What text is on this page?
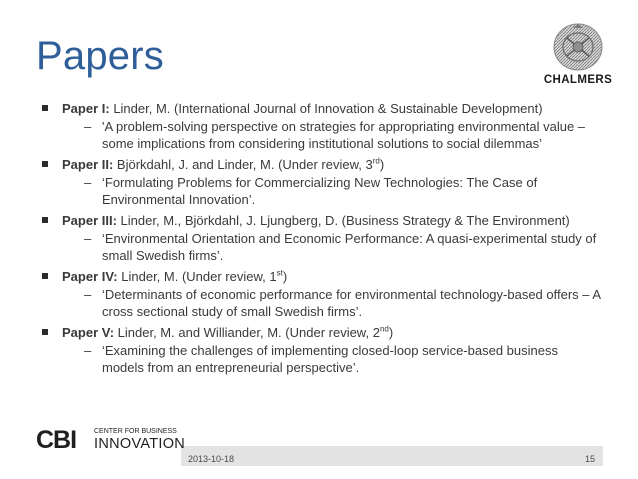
Papers
CHALMERS
Paper I: Linder, M. (International Journal of Innovation & Sustainable Development)
– 'A problem-solving perspective on strategies for appropriating environmental value – some implications from considering institutional solutions to social dilemmas’
Paper II: Björkdahl, J. and Linder, M. (Under review, 3rd)
– ‘Formulating Problems for Commercializing New Technologies: The Case of Environmental Innovation’.
Paper III: Linder, M., Björkdahl, J. Ljungberg, D. (Business Strategy & The Environment)
– ‘Environmental Orientation and Economic Performance: A quasi-experimental study of small Swedish firms’.
Paper IV: Linder, M. (Under review, 1st)
– ‘Determinants of economic performance for environmental technology-based offers – A cross sectional study of small Swedish firms’.
Paper V: Linder, M. and Williander, M. (Under review, 2nd)
– ‘Examining the challenges of implementing closed-loop service-based business models from an entrepreneurial perspective’.
CBI	CENTER FOR BUSINESS
INNOVATION
2013-10-18	15
